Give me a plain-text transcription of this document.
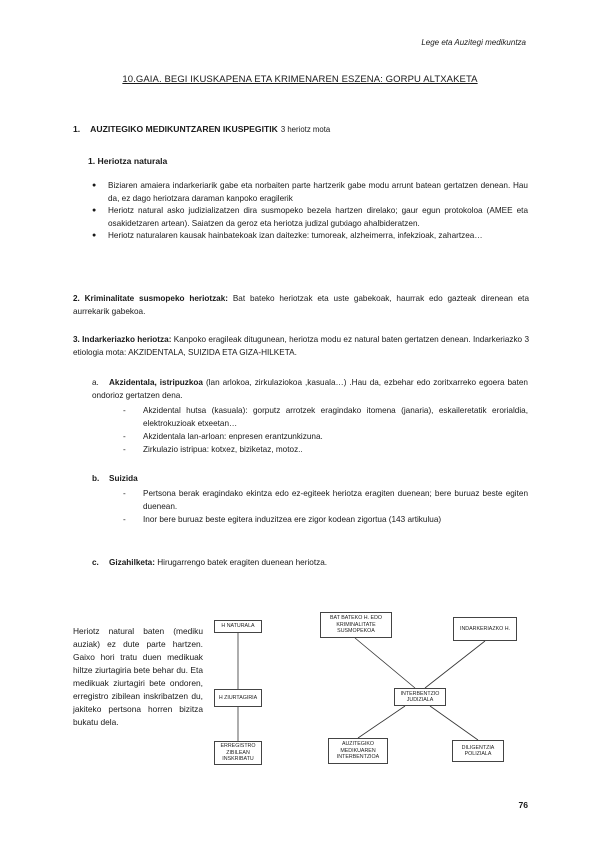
Lege eta Auzitegi medikuntza
10.GAIA. BEGI IKUSKAPENA ETA KRIMENAREN ESZENA: GORPU ALTXAKETA
1. AUZITEGIKO MEDIKUNTZAREN IKUSPEGITIK 3 heriotz mota
1. Heriotza naturala
● Biziaren amaiera indarkeriarik gabe eta norbaiten parte hartzerik gabe modu arrunt batean gertatzen denean. Hau da, ez dago heriotzara daraman kanpoko eragilerik
● Heriotz natural asko judizializatzen dira susmopeko bezela hartzen direlako; gaur egun protokoloa (AMEE eta osakidetzaren artean). Saiatzen da geroz eta heriotza judizal gutxiago ahalbideratzen.
● Heriotz naturalaren kausak hainbatekoak izan daitezke: tumoreak, alzheimerra, infekzioak, zahartzea…
2. Kriminalitate susmopeko heriotzak: Bat bateko heriotzak eta uste gabekoak, haurrak edo gazteak direnean eta aurrekarik gabekoa.
3. Indarkeriazko heriotza: Kanpoko eragileak ditugunean, heriotza modu ez natural baten gertatzen denean. Indarkeriazko 3 etiologia mota: AKZIDENTALA, SUIZIDA ETA GIZA-HILKETA.
a. Akzidentala, istripuzkoa (lan arlokoa, zirkulaziokoa ,kasuala…) .Hau da, ezbehar edo zoritxarreko egoera baten ondorioz gertatzen dena.
- Akzidental hutsa (kasuala): gorputz arrotzek eragindako itomena (janaria), eskaileretatik erorialdia, elektrokuzioak etxeetan…
- Akzidentala lan-arloan: enpresen erantzunkizuna.
- Zirkulazio istripua: kotxez, biziketaz, motoz..
b. Suizida
- Pertsona berak eragindako ekintza edo ez-egiteek heriotza eragiten duenean; bere buruaz beste egiten duenean.
- Inor bere buruaz beste egitera induzitzea ere zigor kodean zigortua (143 artikulua)
c. Gizahilketa: Hirugarrengo batek eragiten duenean heriotza.
Heriotz natural baten (mediku auziak) ez dute parte hartzen. Gaixo hori tratu duen medikuak hiltze ziurtagiria bete behar du. Eta medikuak ziurtagiri bete ondoren, erregistro zibilean inskribatzen du, jakiteko pertsona horren bizitza bukatu dela.
H NATURALA
H ZIURTAGIRIA
ERREGISTRO ZIBILEAN INSKRIBATU
BAT BATEKO H. EDO KRIMINALITATE SUSMOPEKOA	INDARKERIAZKO H.
INTERBENTZIO JUDIZIALA
AUZITEGIKO MEDIKUAREN INTERBENTZIOA
DILIGENTZIA POLIZIALA
76
